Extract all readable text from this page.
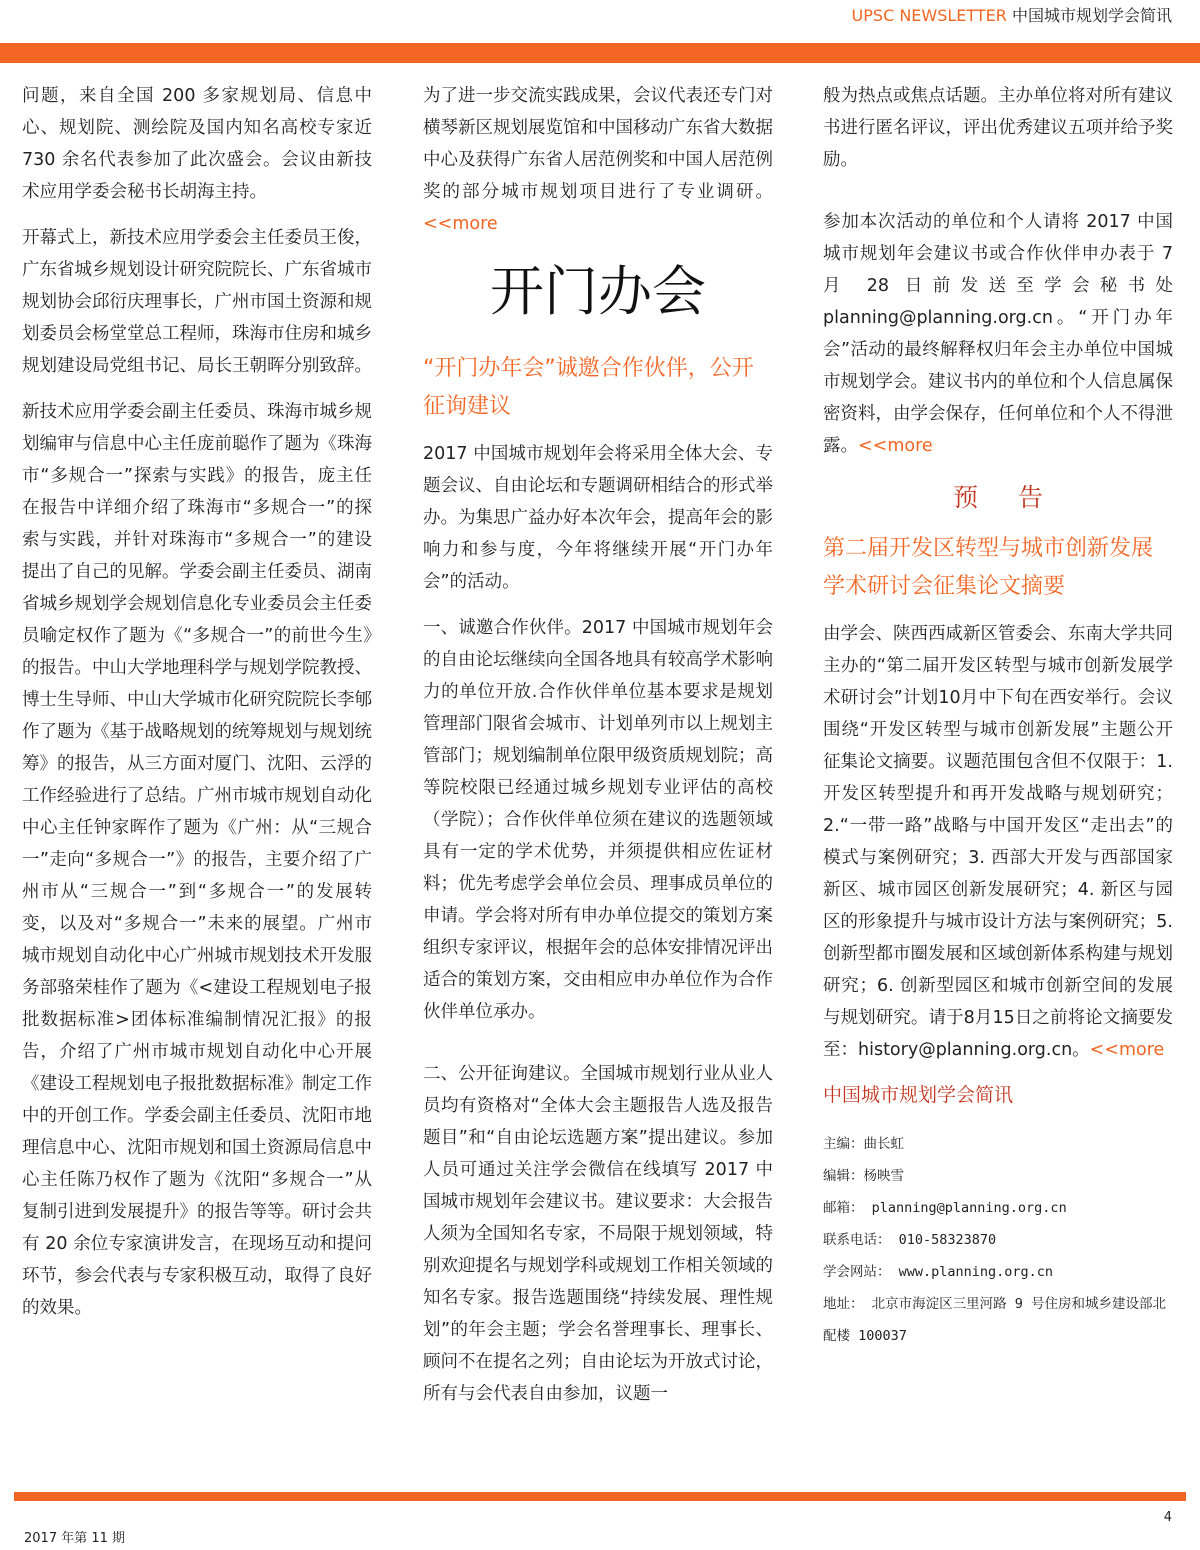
UPSC NEWSLETTER 中国城市规划学会简讯

问题，来自全国 200 多家规划局、信息中心、规划院、测绘院及国内知名高校专家近 730 余名代表参加了此次盛会。会议由新技术应用学委会秘书长胡海主持。

开幕式上，新技术应用学委会主任委员王俊，广东省城乡规划设计研究院院长、广东省城市规划协会邱衍庆理事长，广州市国土资源和规划委员会杨堂堂总工程师，珠海市住房和城乡规划建设局党组书记、局长王朝晖分别致辞。

新技术应用学委会副主任委员、珠海市城乡规划编审与信息中心主任庞前聪作了题为《珠海市“多规合一”探索与实践》的报告，庞主任在报告中详细介绍了珠海市“多规合一”的探索与实践，并针对珠海市“多规合一”的建设提出了自己的见解。学委会副主任委员、湖南省城乡规划学会规划信息化专业委员会主任委员喻定权作了题为《“多规合一”的前世今生》的报告。中山大学地理科学与规划学院教授、博士生导师、中山大学城市化研究院院长李郇作了题为《基于战略规划的统筹规划与规划统筹》的报告，从三方面对厦门、沈阳、云浮的工作经验进行了总结。广州市城市规划自动化中心主任钟家晖作了题为《广州：从“三规合一”走向“多规合一”》的报告，主要介绍了广州市从“三规合一”到“多规合一”的发展转变，以及对“多规合一”未来的展望。广州市城市规划自动化中心广州城市规划技术开发服务部骆荣桂作了题为《<建设工程规划电子报批数据标准>团体标准编制情况汇报》的报告，介绍了广州市城市规划自动化中心开展《建设工程规划电子报批数据标准》制定工作中的开创工作。学委会副主任委员、沈阳市地理信息中心、沈阳市规划和国土资源局信息中心主任陈乃权作了题为《沈阳“多规合一”从复制引进到发展提升》的报告等等。研讨会共有 20 余位专家演讲发言，在现场互动和提问环节，参会代表与专家积极互动，取得了良好的效果。

为了进一步交流实践成果，会议代表还专门对横琴新区规划展览馆和中国移动广东省大数据中心及获得广东省人居范例奖和中国人居范例奖的部分城市规划项目进行了专业调研。 <<more

开门办会
“开门办年会”诚邀合作伙伴，公开征询建议

2017 中国城市规划年会将采用全体大会、专题会议、自由论坛和专题调研相结合的形式举办。为集思广益办好本次年会，提高年会的影响力和参与度，今年将继续开展“开门办年会”的活动。

一、诚邀合作伙伴。2017 中国城市规划年会的自由论坛继续向全国各地具有较高学术影响力的单位开放.合作伙伴单位基本要求是规划管理部门限省会城市、计划单列市以上规划主管部门；规划编制单位限甲级资质规划院；高等院校限已经通过城乡规划专业评估的高校（学院）；合作伙伴单位须在建议的选题领域具有一定的学术优势，并须提供相应佐证材料；优先考虑学会单位会员、理事成员单位的申请。学会将对所有申办单位提交的策划方案组织专家评议，根据年会的总体安排情况评出适合的策划方案，交由相应申办单位作为合作伙伴单位承办。

二、公开征询建议。全国城市规划行业从业人员均有资格对“全体大会主题报告人选及报告题目”和“自由论坛选题方案”提出建议。参加人员可通过关注学会微信在线填写 2017 中国城市规划年会建议书。建议要求：大会报告人须为全国知名专家，不局限于规划领域，特别欢迎提名与规划学科或规划工作相关领域的知名专家。报告选题围绕“持续发展、理性规划”的年会主题；学会名誉理事长、理事长、顾问不在提名之列；自由论坛为开放式讨论，所有与会代表自由参加，议题一

般为热点或焦点话题。主办单位将对所有建议书进行匿名评议，评出优秀建议五项并给予奖励。

参加本次活动的单位和个人请将 2017 中国城市规划年会建议书或合作伙伴申办表于 7 月 28 日前发送至学会秘书处planning@planning.org.cn。“开门办年会”活动的最终解释权归年会主办单位中国城市规划学会。建议书内的单位和个人信息属保密资料，由学会保存，任何单位和个人不得泄露。<<more

预告
第二届开发区转型与城市创新发展学术研讨会征集论文摘要

由学会、陕西西咸新区管委会、东南大学共同主办的“第二届开发区转型与城市创新发展学术研讨会”计划10月中下旬在西安举行。会议围绕“开发区转型与城市创新发展”主题公开征集论文摘要。议题范围包含但不仅限于：1. 开发区转型提升和再开发战略与规划研究；2.“一带一路”战略与中国开发区“走出去”的模式与案例研究；3. 西部大开发与西部国家新区、城市园区创新发展研究；4. 新区与园区的形象提升与城市设计方法与案例研究；5. 创新型都市圈发展和区域创新体系构建与规划研究；6. 创新型园区和城市创新空间的发展与规划研究。请于8月15日之前将论文摘要发至：history@planning.org.cn。<<more

中国城市规划学会简讯
主编：曲长虹
编辑：杨映雪
邮箱： planning@planning.org.cn
联系电话： 010-58323870
学会网站： www.planning.org.cn
地址： 北京市海淀区三里河路 9 号住房和城乡建设部北配楼 100037
4
2017 年第 11 期
